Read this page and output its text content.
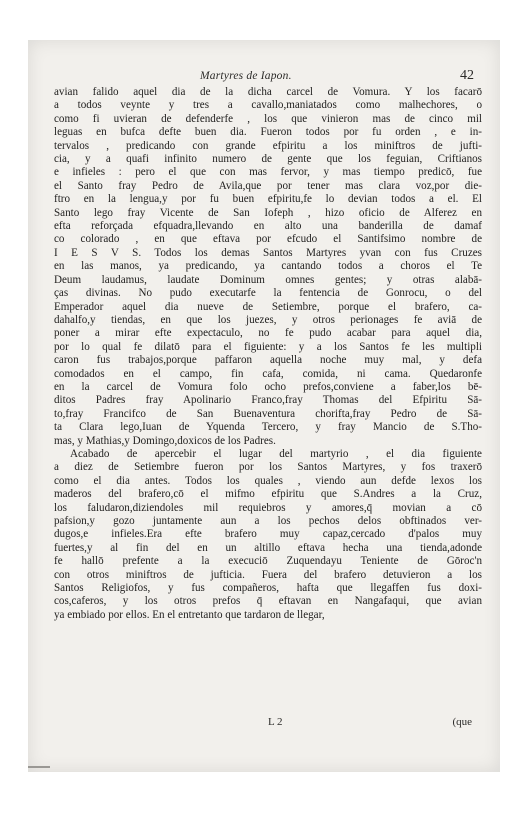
Martyres de Iapon.	42
avian falido aquel dia de la dicha carcel de Vomura. Y los facarō
a todos veynte y tres a cavallo,maniatados como malhechores, o
como fi uvieran de defenderfe , los que vinieron mas de cinco mil
leguas en bufca defte buen dia. Fueron todos por fu orden , e in-
tervalos , predicando con grande efpiritu a los miniftros de jufti-
cia, y a quafi infinito numero de gente que los feguian, Criftianos
e infieles : pero el que con mas fervor, y mas tiempo predicō, fue
el Santo fray Pedro de Avila,que por tener mas clara voz,por die-
ftro en la lengua,y por fu buen efpiritu,fe lo devian todos a el. El
Santo lego fray Vicente de San Iofeph , hizo oficio de Alferez en
efta reforçada efquadra,llevando en alto una banderilla de damaf
co colorado , en que eftava por efcudo el Santifsimo nombre de
I E S V S. Todos los demas Santos Martyres yvan con fus Cruzes
en las manos, ya predicando, ya cantando todos a choros el Te
Deum laudamus, laudate Dominum omnes gentes; y otras alabā-
ças divinas. No pudo executarfe la fentencia de Gonrocu, o del
Emperador aquel dia nueve de Setiembre, porque el brafero, ca-
dahalfo,y tiendas, en que los juezes, y otros perionages fe aviā de
poner a mirar efte expectaculo, no fe pudo acabar para aquel dia,
por lo qual fe dilatō para el figuiente: y a los Santos fe les multipli
caron fus trabajos,porque paffaron aquella noche muy mal, y defa
comodados en el campo, fin cafa, comida, ni cama. Quedaronfe
en la carcel de Vomura folo ocho prefos,conviene a faber,los bē-
ditos Padres fray Apolinario Franco,fray Thomas del Efpiritu Sā-
to,fray Francifco de San Buenaventura chorifta,fray Pedro de Sā-
ta Clara lego,Iuan de Yquenda Tercero, y fray Mancio de S.Tho-
mas, y Mathias,y Domingo,doxicos de los Padres.
Acabado de apercebir el lugar del martyrio , el dia figuiente
a diez de Setiembre fueron por los Santos Martyres, y fos traxerō
como el dia antes. Todos los quales , viendo aun defde lexos los
maderos del brafero,cō el mifmo efpiritu que S.Andres a la Cruz,
los faludaron,diziendoles mil requiebros y amores,q̄ movian a cō
pafsion,y gozo juntamente aun a los pechos delos obftinados ver-
dugos,e infieles.Era efte brafero muy capaz,cercado d'palos muy
fuertes,y al fin del en un altillo eftava hecha una tienda,adonde
fe hallō prefente a la execuciō Zuquendayu Teniente de Gōroc'n
con otros miniftros de jufticia. Fuera del brafero detuvieron a los
Santos Religiofos, y fus compañeros, hafta que llegaffen fus doxi-
cos,caferos, y los otros prefos q̄ eftavan en Nangafaqui, que avian
ya embiado por ellos. En el entretanto que tardaron de llegar,
L 2	(que
